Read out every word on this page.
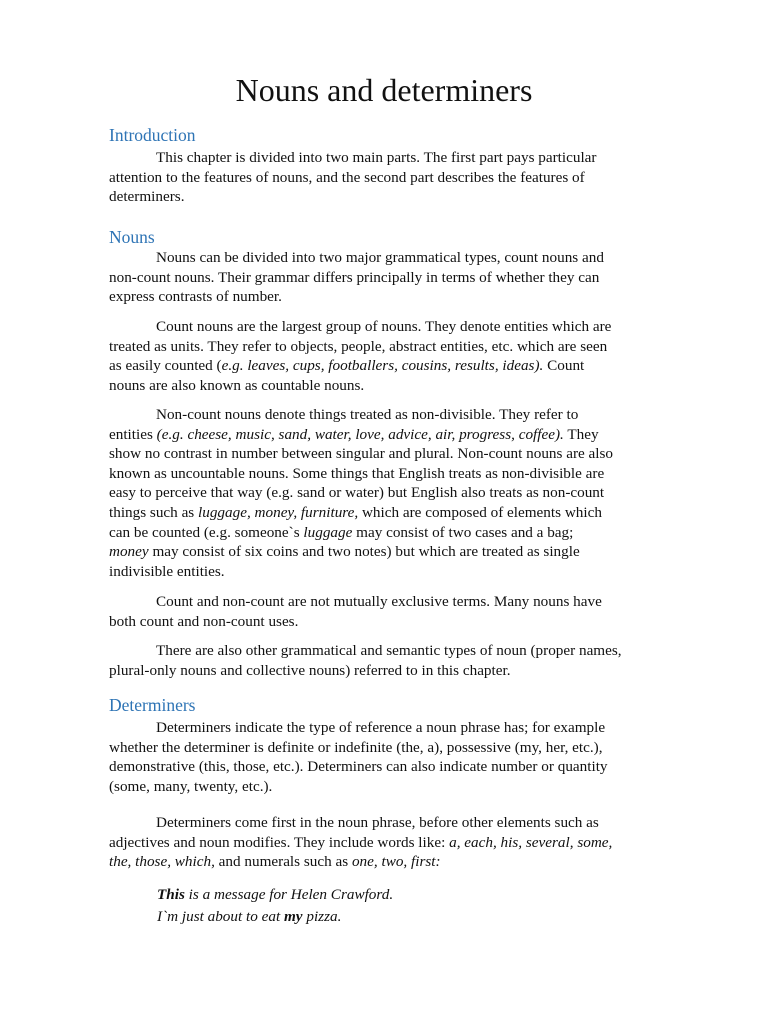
Nouns and determiners
Introduction

This chapter is divided into two main parts. The first part pays particular
attention to the features of nouns, and the second part describes the features of
determiners.

Nouns

Nouns can be divided into two major grammatical types, count nouns and
non-count nouns. Their grammar differs principally in terms of whether they can
express contrasts of number.

Count nouns are the largest group of nouns. They denote entities which are
treated as units. They refer to objects, people, abstract entities, etc. which are seen
as easily counted (e.g. leaves, cups, footballers, cousins, results, ideas). Count
nouns are also known as countable nouns.

Non-count nouns denote things treated as non-divisible. They refer to
entities (e.g. cheese, music, sand, water, love, advice, air, progress, coffee). They
show no contrast in number between singular and plural. Non-count nouns are also
known as uncountable nouns. Some things that English treats as non-divisible are
easy to perceive that way (e.g. sand or water) but English also treats as non-count
things such as luggage, money, furniture, which are composed of elements which
can be counted (e.g. someone`s luggage may consist of two cases and a bag;
money may consist of six coins and two notes) but which are treated as single
indivisible entities.

Count and non-count are not mutually exclusive terms. Many nouns have
both count and non-count uses.

There are also other grammatical and semantic types of noun (proper names,
plural-only nouns and collective nouns) referred to in this chapter.

Determiners

Determiners indicate the type of reference a noun phrase has; for example
whether the determiner is definite or indefinite (the, a), possessive (my, her, etc.),
demonstrative (this, those, etc.). Determiners can also indicate number or quantity
(some, many, twenty, etc.).

Determiners come first in the noun phrase, before other elements such as
adjectives and noun modifies. They include words like: a, each, his, several, some,
the, those, which, and numerals such as one, two, first:

This is a message for Helen Crawford.

I`m just about to eat my pizza.
